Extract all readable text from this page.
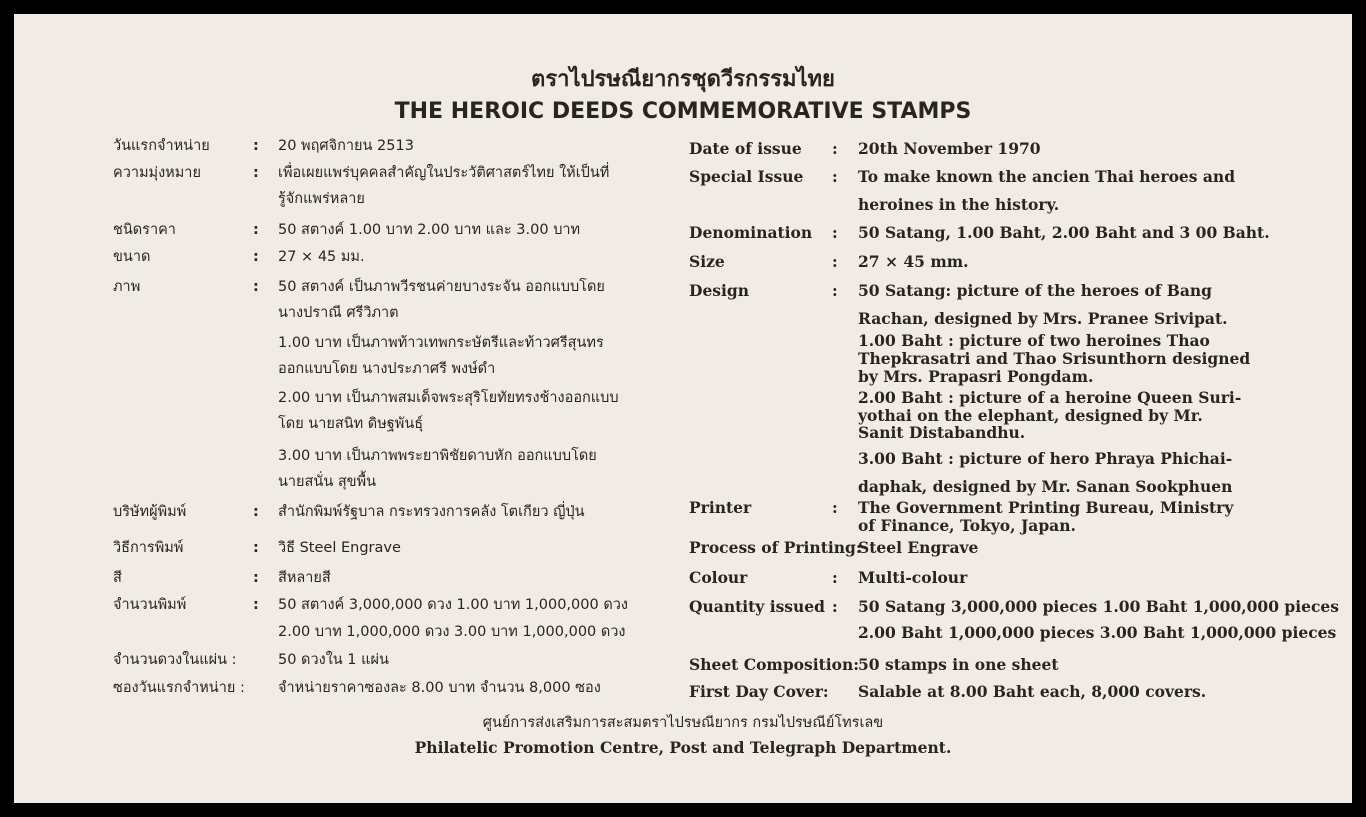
ตราไปรษณียากรชุดวีรกรรมไทย
THE HEROIC DEEDS COMMEMORATIVE STAMPS
วันแรกจำหน่าย	: 20 พฤศจิกายน 2513
ความมุ่งหมาย	: เพื่อเผยแพร่บุคคลสำคัญในประวัติศาสตร์ไทย ให้เป็นที่
รู้จักแพร่หลาย
ชนิดราคา	: 50 สตางค์ 1.00 บาท 2.00 บาท และ 3.00 บาท
ขนาด	: 27 × 45 มม.
ภาพ	: 50 สตางค์ เป็นภาพวีรชนค่ายบางระจัน ออกแบบโดย
นางปราณี ศรีวิภาต
1.00 บาท เป็นภาพท้าวเทพกระษัตรีและท้าวศรีสุนทร
ออกแบบโดย นางประภาศรี พงษ์ดำ
2.00 บาท เป็นภาพสมเด็จพระสุริโยทัยทรงช้างออกแบบ
โดย นายสนิท ดิษฐพันธุ์
3.00 บาท เป็นภาพพระยาพิชัยดาบหัก ออกแบบโดย
นายสนั่น สุขพื้น
บริษัทผู้พิมพ์	: สำนักพิมพ์รัฐบาล กระทรวงการคลัง โตเกียว ญี่ปุ่น
วิธีการพิมพ์	: วิธี Steel Engrave
สี	: สีหลายสี
จำนวนพิมพ์	: 50 สตางค์ 3,000,000 ดวง 1.00 บาท 1,000,000 ดวง
2.00 บาท 1,000,000 ดวง 3.00 บาท 1,000,000 ดวง
จำนวนดวงในแผ่น :	50 ดวงใน 1 แผ่น
ซองวันแรกจำหน่าย : จำหน่ายราคาซองละ 8.00 บาท จำนวน 8,000 ซอง
Date of issue : 20th November 1970
Special Issue : To make known the ancien Thai heroes and
heroines in the history.
Denomination : 50 Satang, 1.00 Baht, 2.00 Baht and 3 00 Baht.
Size	: 27 × 45 mm.
Design	: 50 Satang: picture of the heroes of Bang
Rachan, designed by Mrs. Pranee Srivipat.
1.00 Baht : picture of two heroines Thao
Thepkrasatri and Thao Srisunthorn designed
by Mrs. Prapasri Pongdam.
2.00 Baht : picture of a heroine Queen Suri-
yothai on the elephant, designed by Mr.
Sanit Distabandhu.
3.00 Baht : picture of hero Phraya Phichai-
daphak, designed by Mr. Sanan Sookphuen
Printer	: The Government Printing Bureau, Ministry
of Finance, Tokyo, Japan.
Process of Printing:
Steel Engrave
Colour	: Multi-colour
Quantity issued : 50 Satang 3,000,000 pieces 1.00 Baht 1,000,000 pieces
2.00 Baht 1,000,000 pieces 3.00 Baht 1,000,000 pieces
Sheet Composition: 50 stamps in one sheet
First Day Cover: Salable at 8.00 Baht each, 8,000 covers.
ศูนย์การส่งเสริมการสะสมตราไปรษณียากร กรมไปรษณีย์โทรเลข
Philatelic Promotion Centre, Post and Telegraph Department.
